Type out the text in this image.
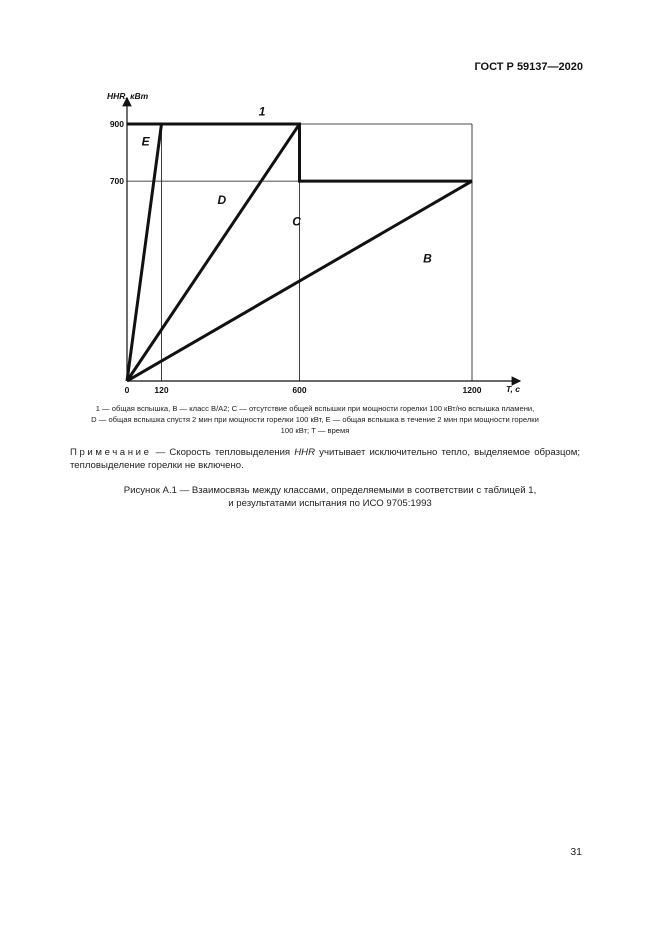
ГОСТ Р 59137—2020
HHR, кВт
T, с
0	120	600	1200
700
900
1
E
D
C
B

1 — общая вспышка, B — класс В/А2; C — отсутствие общей вспышки при мощности горелки 100 кВт/но вспышка пламени,

D — общая вспышка спустя 2 мин при мощности горелки 100 кВт, E — общая вспышка в течение 2 мин при мощности горелки

100 кВт; T — время

Примечание — Скорость тепловыделения HHR учитывает исключительно тепло, выделяемое образцом; тепловыделение горелки не включено.

Рисунок А.1 — Взаимосвязь между классами, определяемыми в соответствии с таблицей 1,

и результатами испытания по ИСО 9705:1993

31
